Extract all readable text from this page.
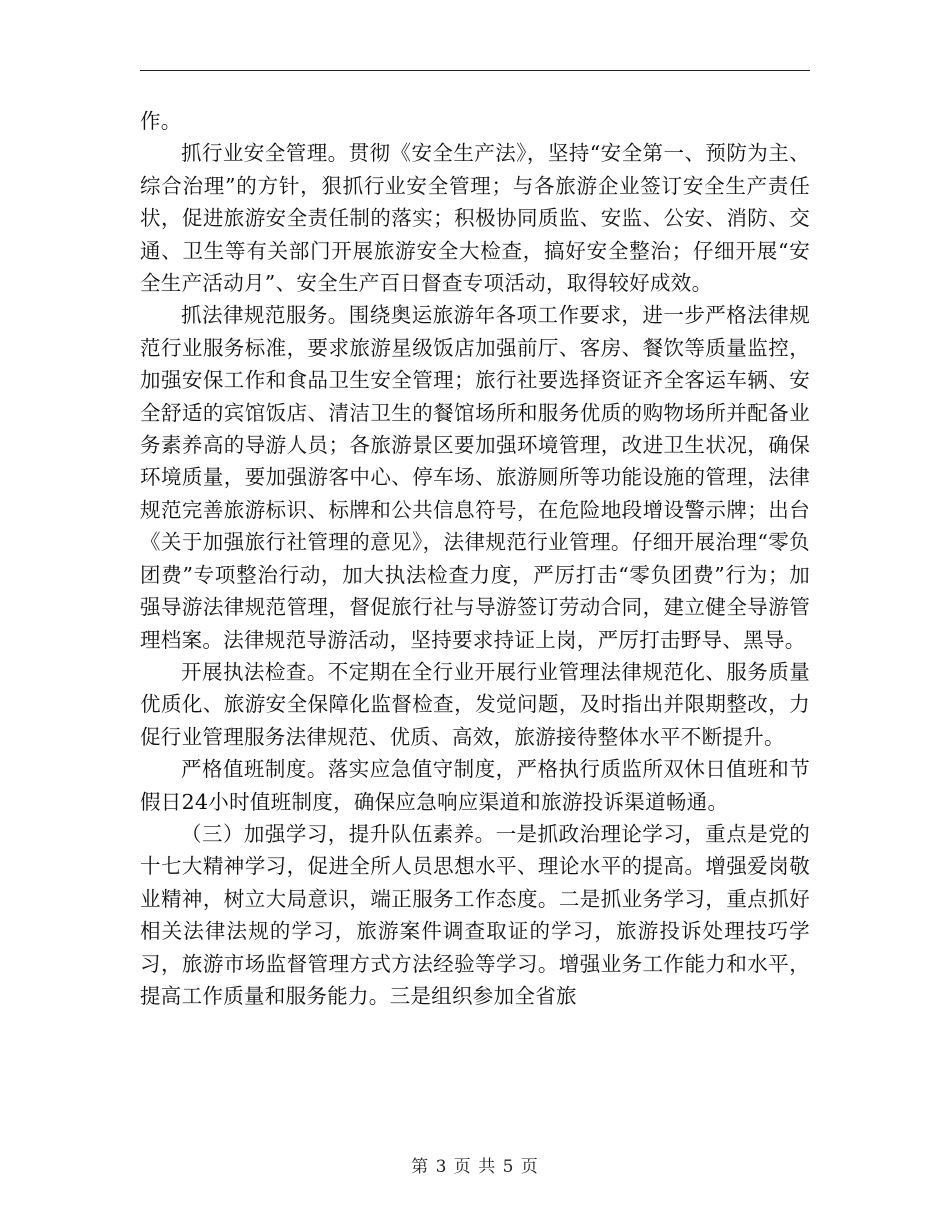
作。

抓行业安全管理。贯彻《安全生产法》，坚持“安全第一、预防为主、综合治理”的方针，狠抓行业安全管理；与各旅游企业签订安全生产责任状，促进旅游安全责任制的落实；积极协同质监、安监、公安、消防、交通、卫生等有关部门开展旅游安全大检查，搞好安全整治；仔细开展“安全生产活动月”、安全生产百日督查专项活动，取得较好成效。

抓法律规范服务。围绕奥运旅游年各项工作要求，进一步严格法律规范行业服务标准，要求旅游星级饭店加强前厅、客房、餐饮等质量监控，加强安保工作和食品卫生安全管理；旅行社要选择资证齐全客运车辆、安全舒适的宾馆饭店、清洁卫生的餐馆场所和服务优质的购物场所并配备业务素养高的导游人员；各旅游景区要加强环境管理，改进卫生状况，确保环境质量，要加强游客中心、停车场、旅游厕所等功能设施的管理，法律规范完善旅游标识、标牌和公共信息符号，在危险地段增设警示牌；出台《关于加强旅行社管理的意见》，法律规范行业管理。仔细开展治理“零负团费”专项整治行动，加大执法检查力度，严厉打击“零负团费”行为；加强导游法律规范管理，督促旅行社与导游签订劳动合同，建立健全导游管理档案。法律规范导游活动，坚持要求持证上岗，严厉打击野导、黑导。

开展执法检查。不定期在全行业开展行业管理法律规范化、服务质量优质化、旅游安全保障化监督检查，发觉问题，及时指出并限期整改，力促行业管理服务法律规范、优质、高效，旅游接待整体水平不断提升。

严格值班制度。落实应急值守制度，严格执行质监所双休日值班和节假日24小时值班制度，确保应急响应渠道和旅游投诉渠道畅通。

（三）加强学习，提升队伍素养。一是抓政治理论学习，重点是党的十七大精神学习，促进全所人员思想水平、理论水平的提高。增强爱岗敬业精神，树立大局意识，端正服务工作态度。二是抓业务学习，重点抓好相关法律法规的学习，旅游案件调查取证的学习，旅游投诉处理技巧学习，旅游市场监督管理方式方法经验等学习。增强业务工作能力和水平，提高工作质量和服务能力。三是组织参加全省旅

第 3 页 共 5 页
